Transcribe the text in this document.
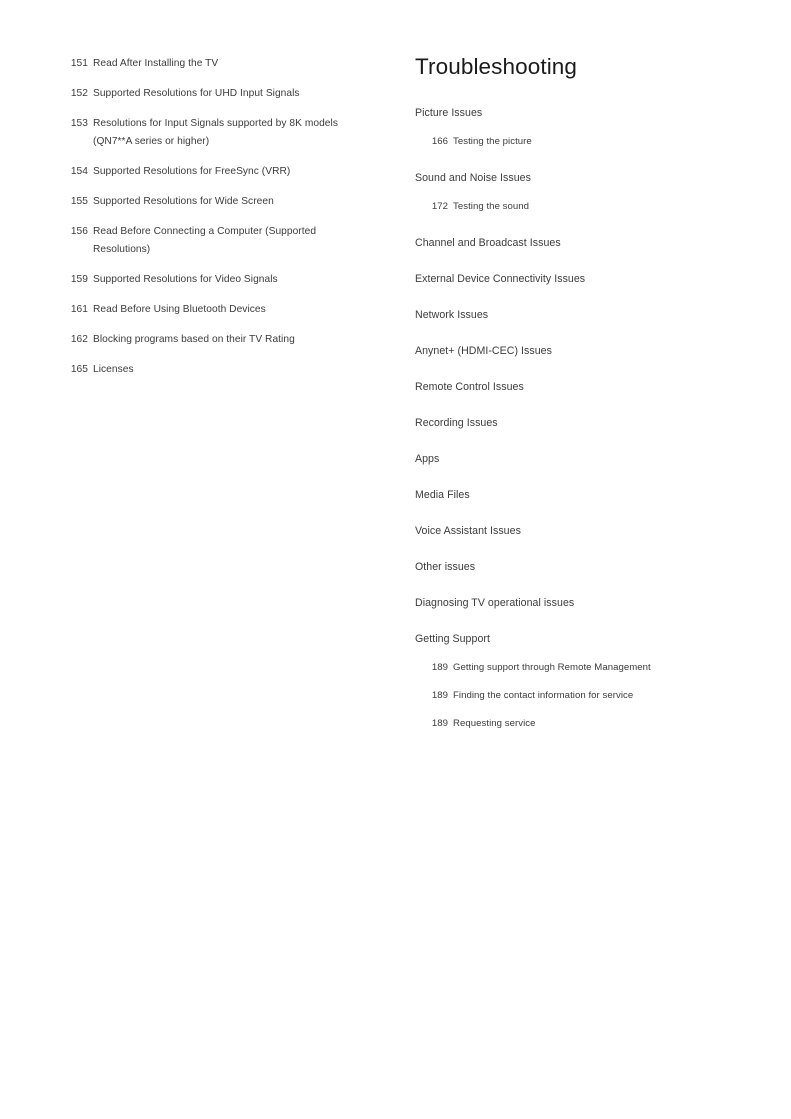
151 Read After Installing the TV
152 Supported Resolutions for UHD Input Signals
153 Resolutions for Input Signals supported by 8K models (QN7**A series or higher)
154 Supported Resolutions for FreeSync (VRR)
155 Supported Resolutions for Wide Screen
156 Read Before Connecting a Computer (Supported Resolutions)
159 Supported Resolutions for Video Signals
161 Read Before Using Bluetooth Devices
162 Blocking programs based on their TV Rating
165 Licenses
Troubleshooting
Picture Issues
166 Testing the picture
Sound and Noise Issues
172 Testing the sound
Channel and Broadcast Issues
External Device Connectivity Issues
Network Issues
Anynet+ (HDMI-CEC) Issues
Remote Control Issues
Recording Issues
Apps
Media Files
Voice Assistant Issues
Other issues
Diagnosing TV operational issues
Getting Support
189 Getting support through Remote Management
189 Finding the contact information for service
189 Requesting service
